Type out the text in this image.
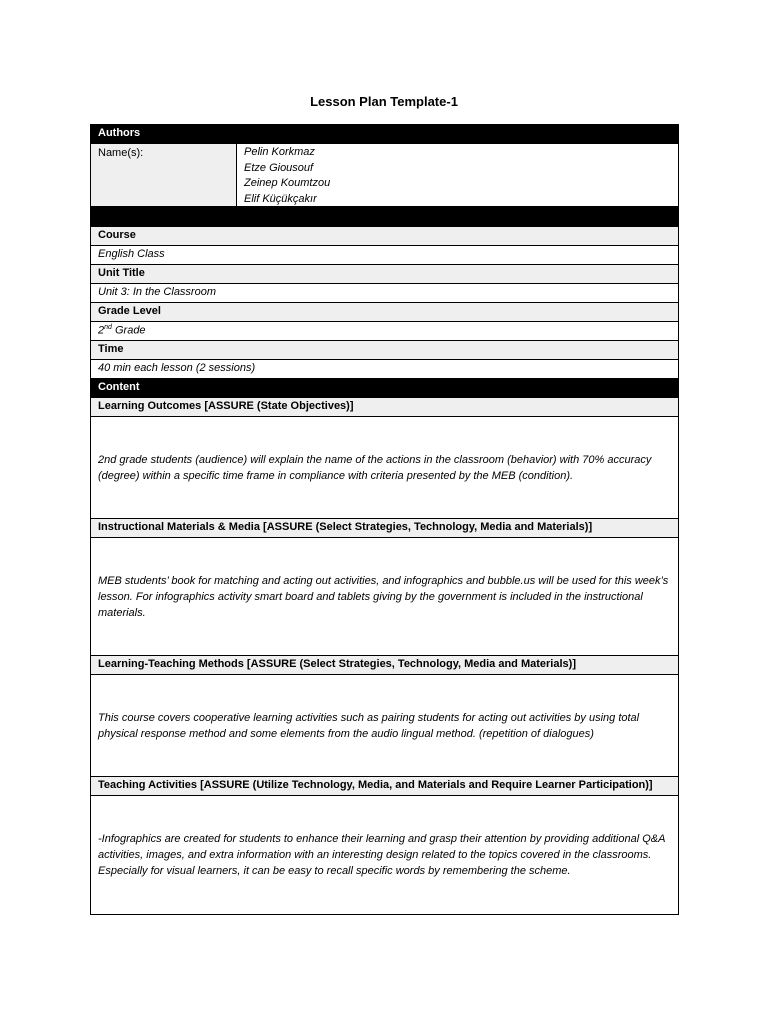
Lesson Plan Template-1
Authors
Name(s):	Pelin Korkmaz
Etze Giousouf
Zeinep Koumtzou
Elif Küçükçakır
Course
English Class
Unit Title
Unit 3: In the Classroom
Grade Level
2nd Grade
Time
40 min each lesson (2 sessions)
Content
Learning Outcomes [ASSURE (State Objectives)]
2nd grade students (audience) will explain the name of the actions in the classroom (behavior) with 70% accuracy (degree) within a specific time frame in compliance with criteria presented by the MEB (condition).
Instructional Materials & Media [ASSURE (Select Strategies, Technology, Media and Materials)]
MEB students’ book for matching and acting out activities, and infographics and bubble.us will be used for this week’s lesson. For infographics activity smart board and tablets giving by the government is included in the instructional materials.
Learning-Teaching Methods [ASSURE (Select Strategies, Technology, Media and Materials)]
This course covers cooperative learning activities such as pairing students for acting out activities by using total physical response method and some elements from the audio lingual method. (repetition of dialogues)
Teaching Activities [ASSURE (Utilize Technology, Media, and Materials and Require Learner Participation)]
-Infographics are created for students to enhance their learning and grasp their attention by providing additional Q&A activities, images, and extra information with an interesting design related to the topics covered in the classrooms. Especially for visual learners, it can be easy to recall specific words by remembering the scheme.
